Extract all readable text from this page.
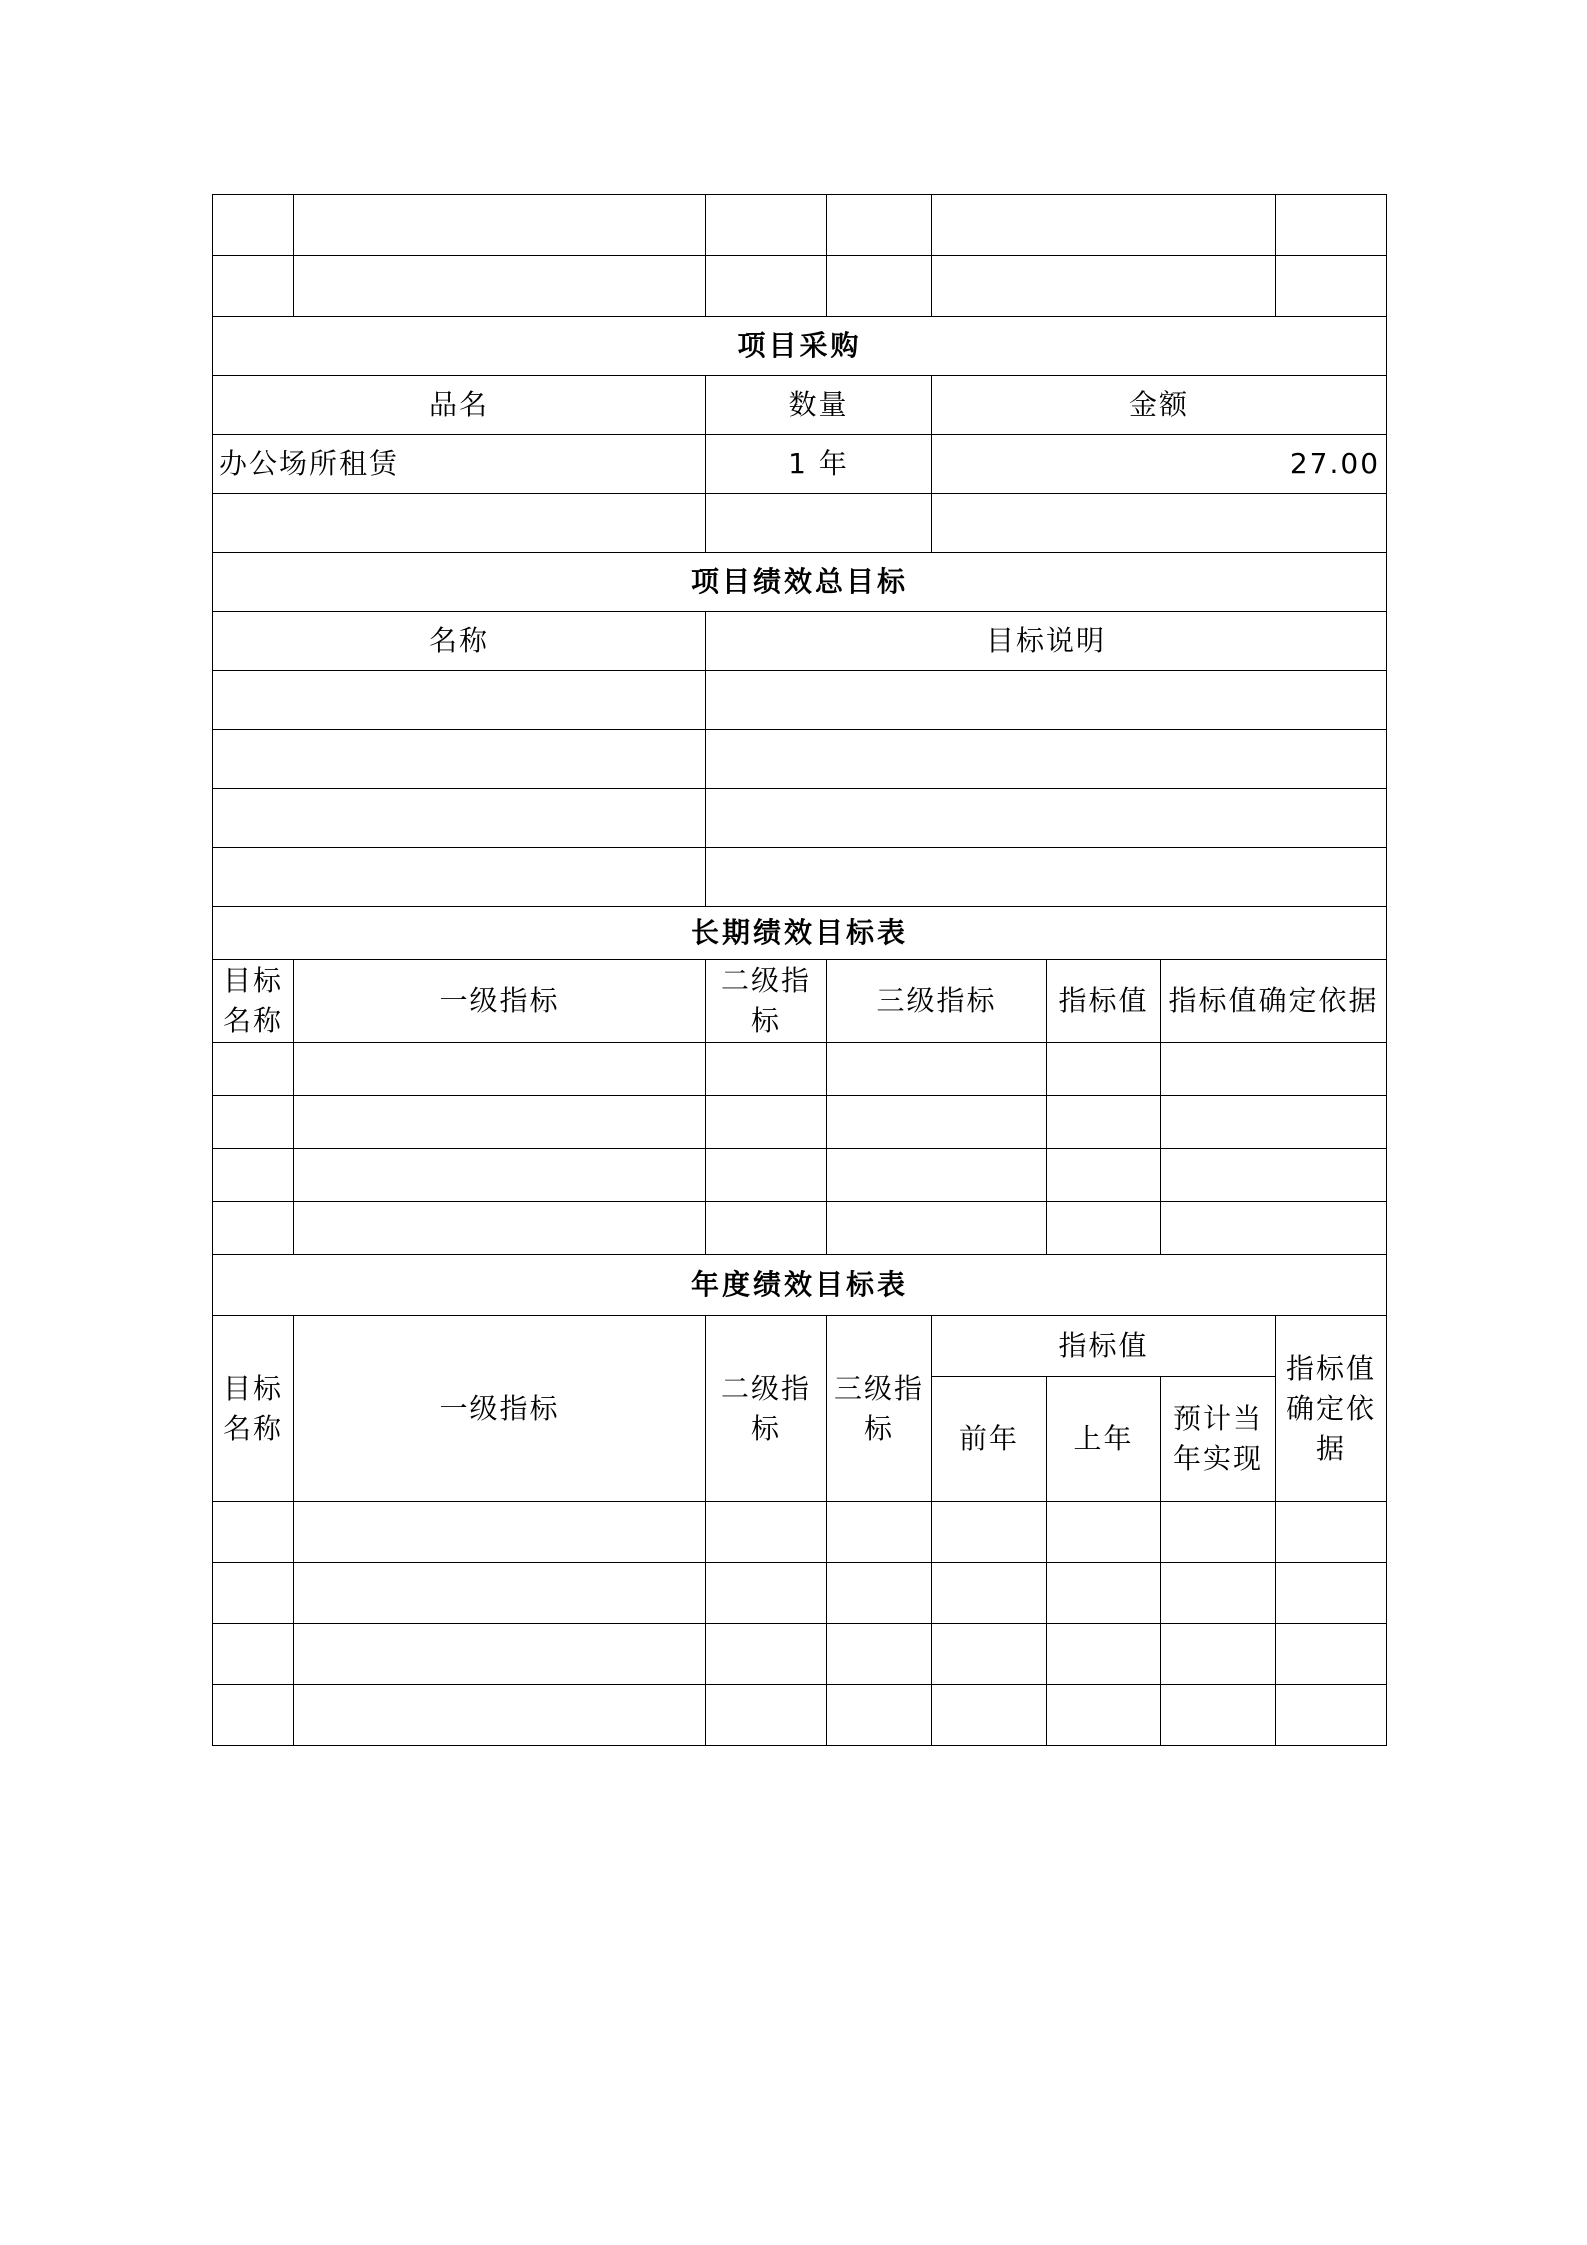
项目采购							
品名		数量		金额			
办公场所租赁		1 年		27.00			

项目绩效总目标							
名称		目标说明					

长期绩效目标表							
目标名称	一级指标	二级指标	三级指标		指标值	指标值确定依据	

年度绩效目标表							
目标名称	一级指标	二级指标	三级指标	指标值			指标值确定依据
				前年	上年	预计当年实现	
